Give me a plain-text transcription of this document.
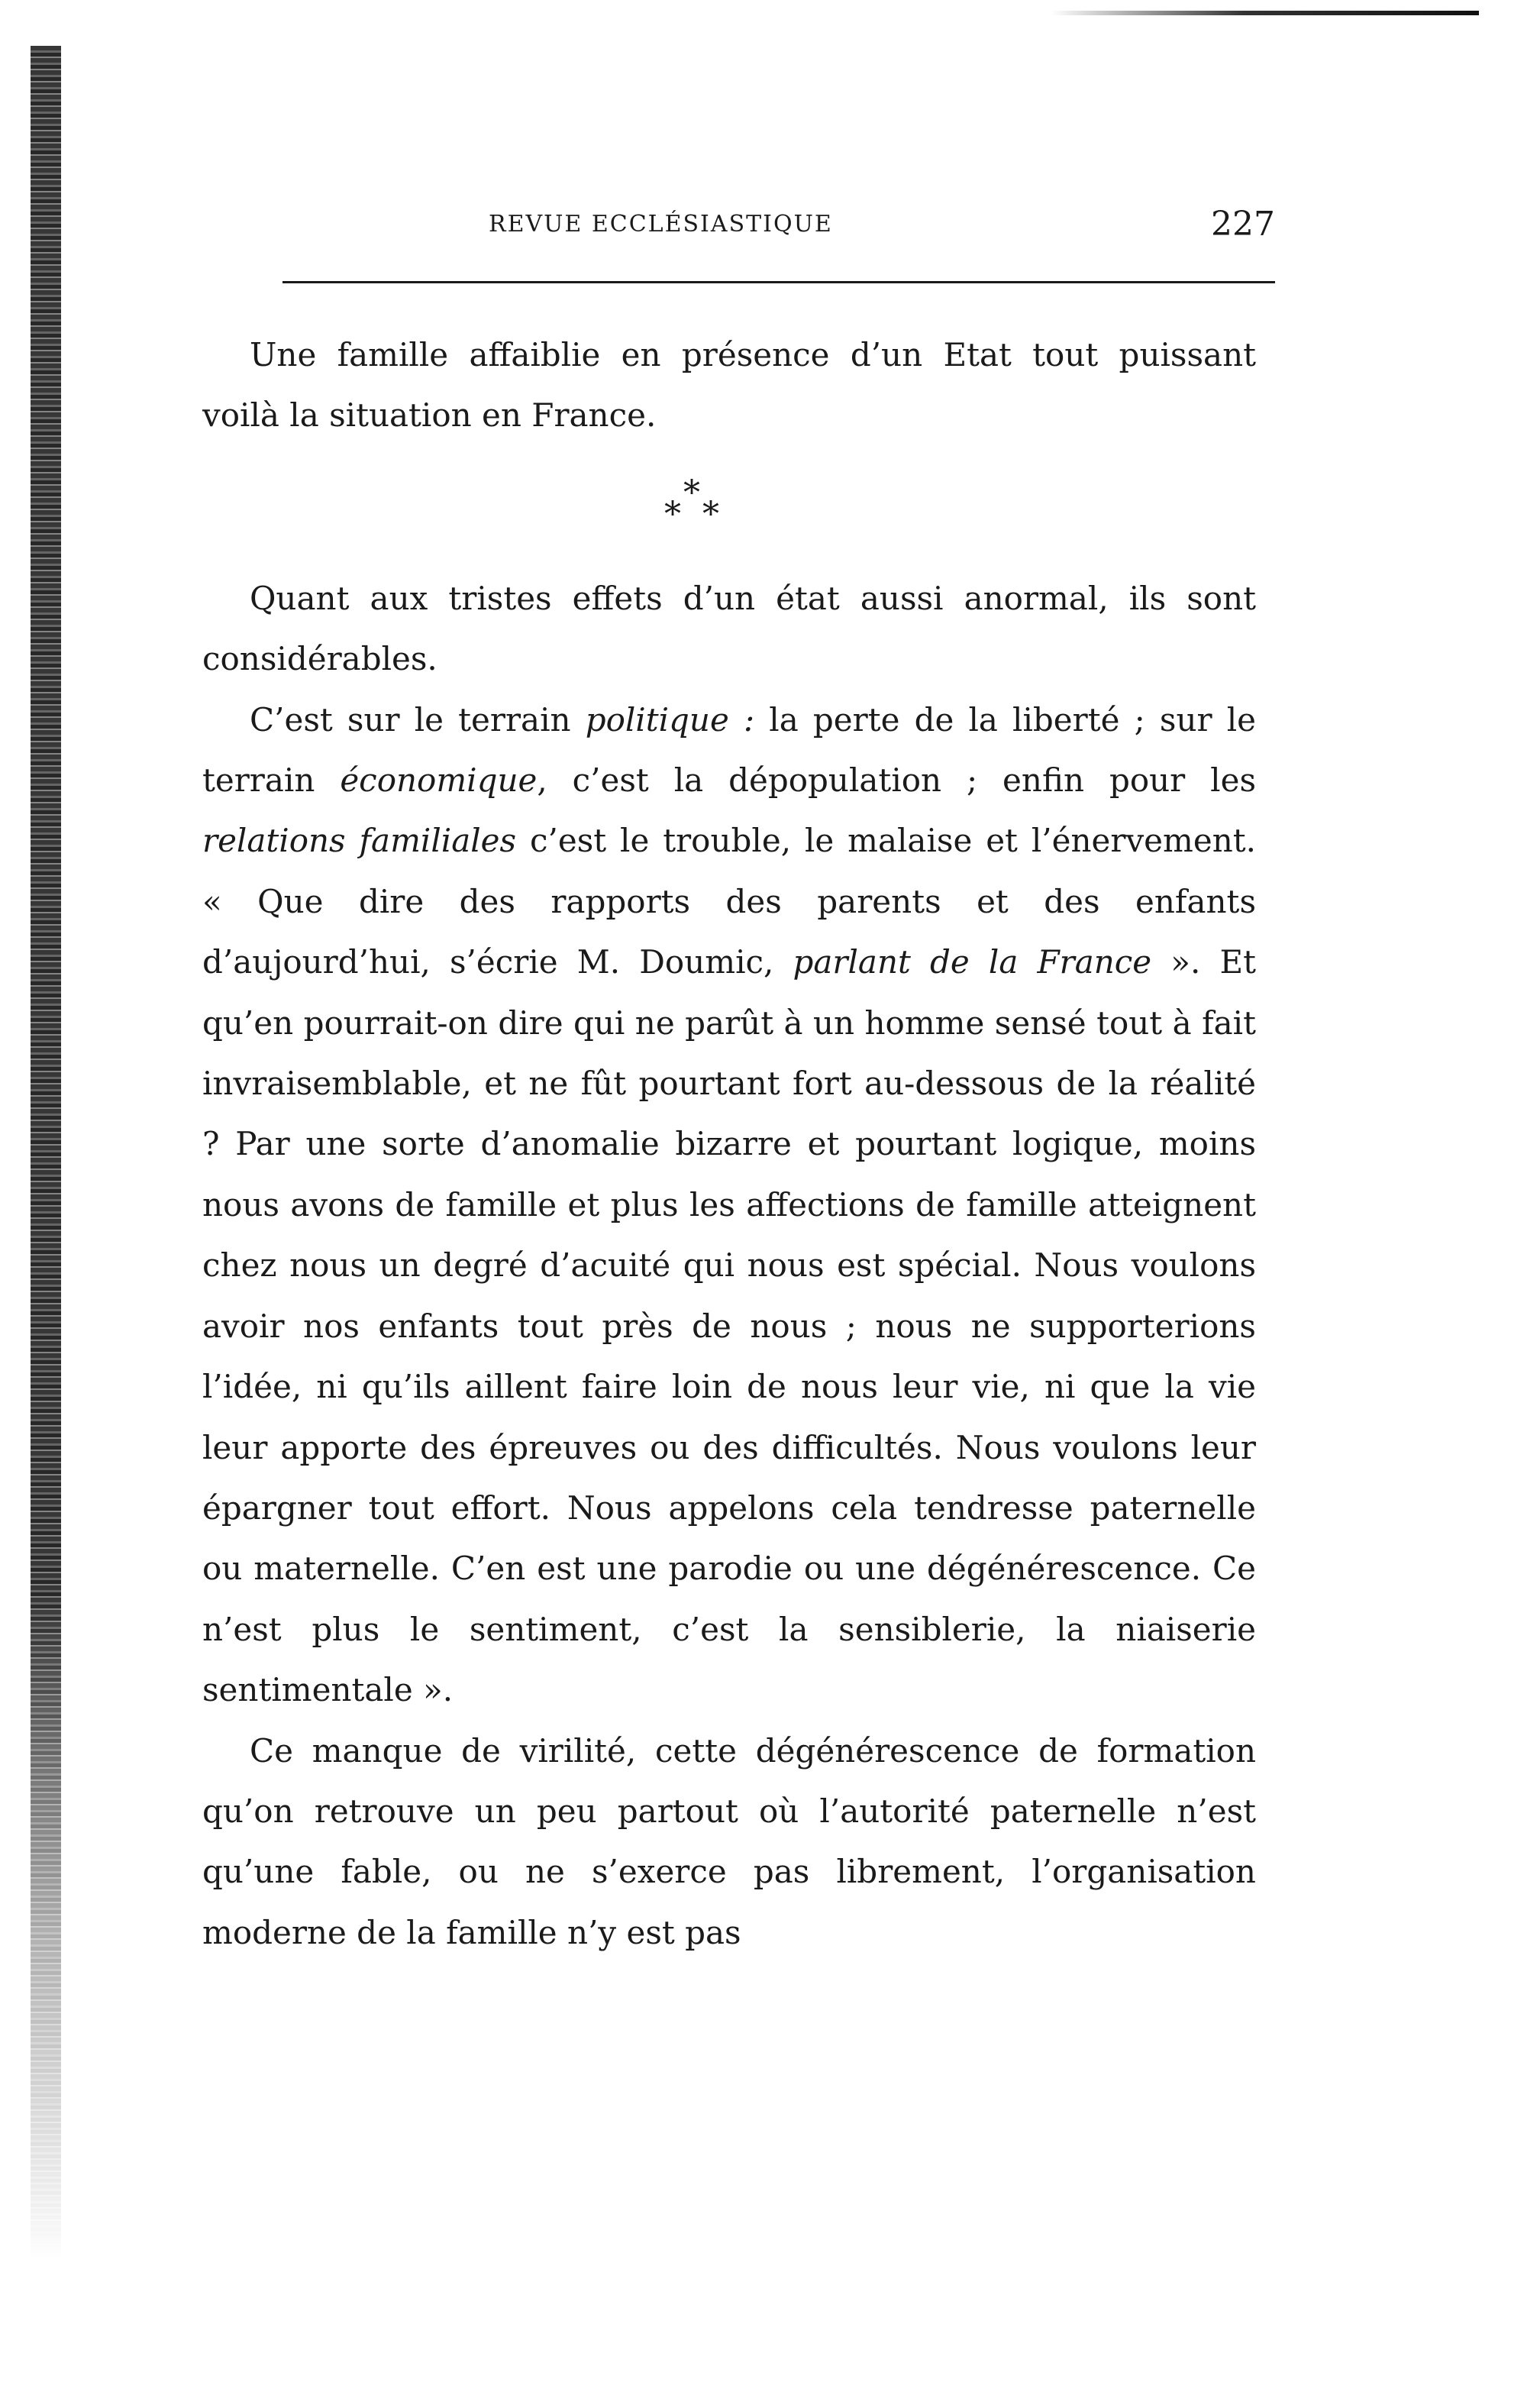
REVUE ECCLÉSIASTIQUE	227

Une famille affaiblie en présence d’un Etat tout puissant voilà la situation en France.

*
* *

Quant aux tristes effets d’un état aussi anormal, ils sont considérables.

C’est sur le terrain politique : la perte de la liberté ; sur le terrain économique, c’est la dépopulation ; enfin pour les relations familiales c’est le trouble, le malaise et l’énervement. « Que dire des rapports des parents et des enfants d’aujourd’hui, s’écrie M. Doumic, parlant de la France ». Et qu’en pourrait-on dire qui ne parût à un homme sensé tout à fait invraisemblable, et ne fût pourtant fort au-dessous de la réalité ? Par une sorte d’anomalie bizarre et pourtant logique, moins nous avons de famille et plus les affections de famille atteignent chez nous un degré d’acuité qui nous est spécial. Nous voulons avoir nos enfants tout près de nous ; nous ne supporterions l’idée, ni qu’ils aillent faire loin de nous leur vie, ni que la vie leur apporte des épreuves ou des difficultés. Nous voulons leur épargner tout effort. Nous appelons cela tendresse paternelle ou maternelle. C’en est une parodie ou une dégénérescence. Ce n’est plus le sentiment, c’est la sensiblerie, la niaiserie sentimentale ».

Ce manque de virilité, cette dégénérescence de formation qu’on retrouve un peu partout où l’autorité paternelle n’est qu’une fable, ou ne s’exerce pas librement, l’organisation moderne de la famille n’y est pas
